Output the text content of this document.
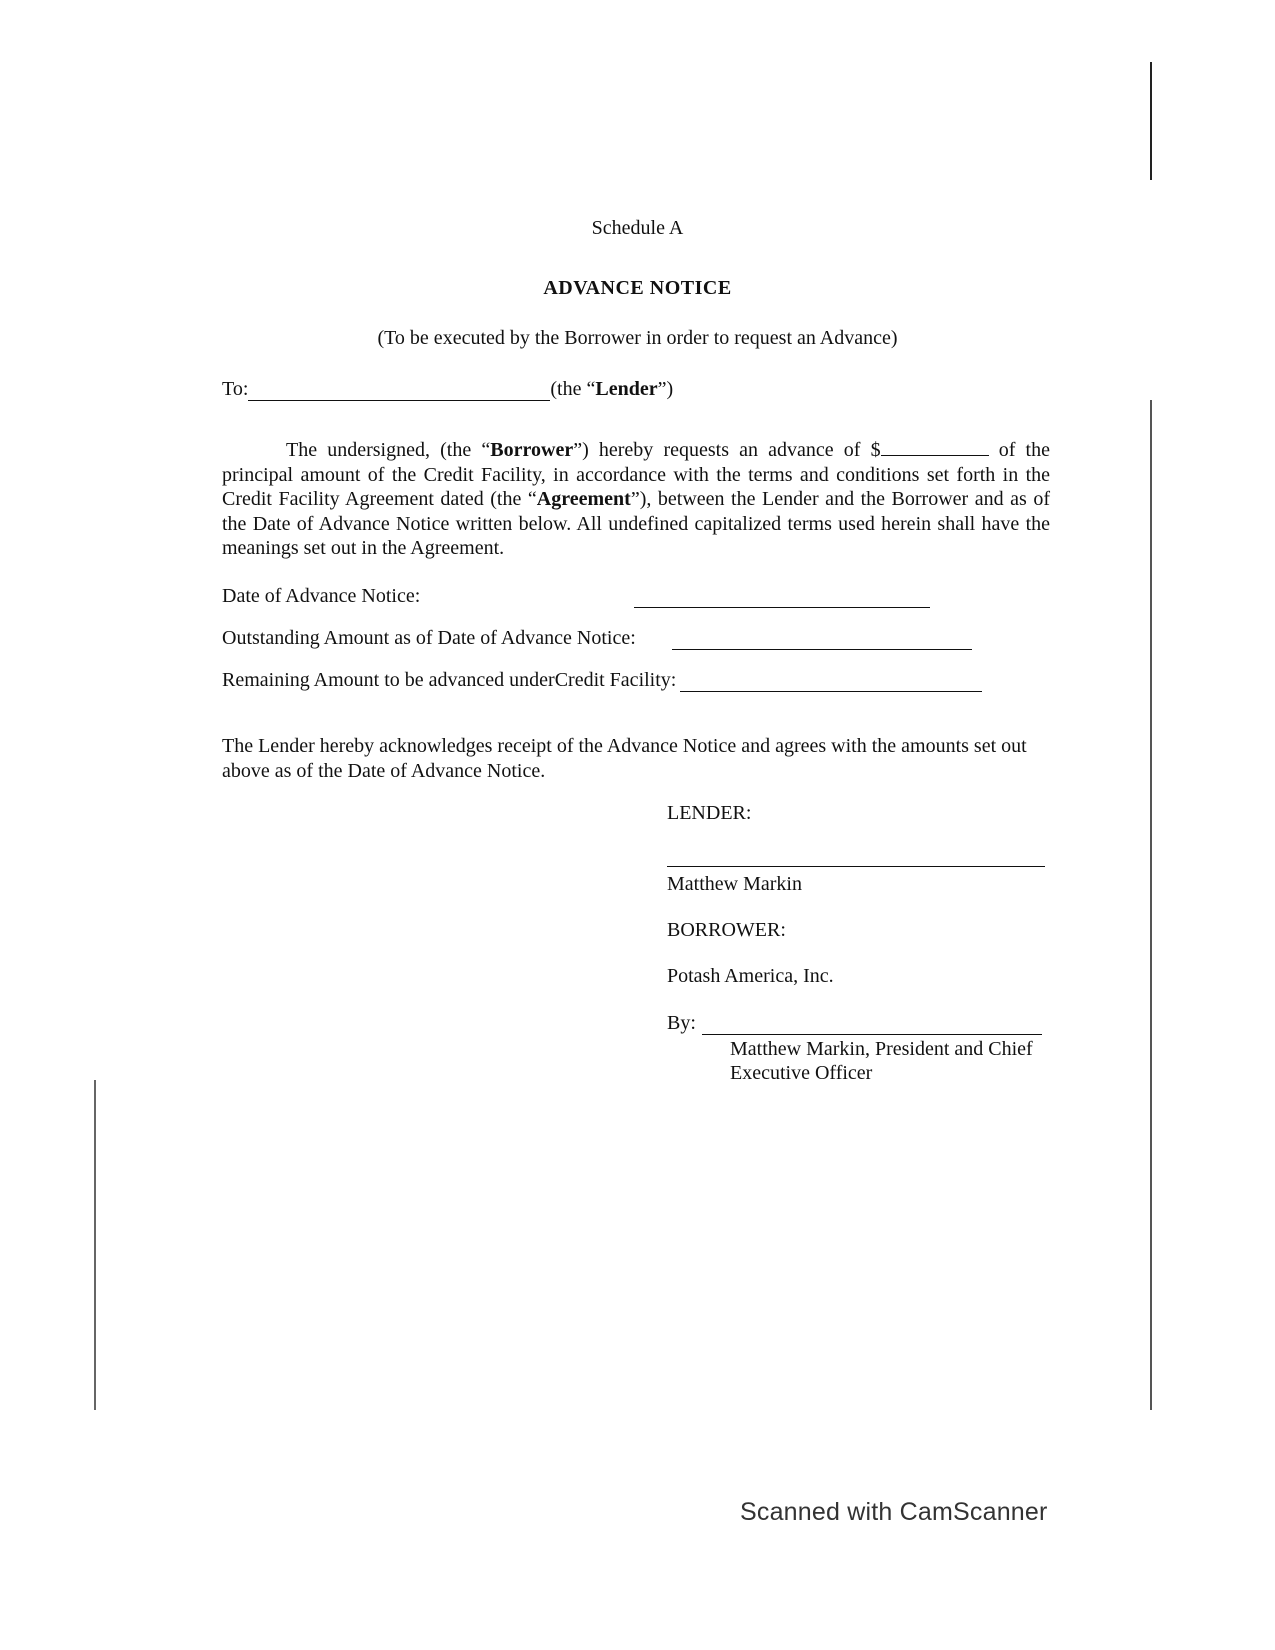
Schedule A
ADVANCE NOTICE
(To be executed by the Borrower in order to request an Advance)
To:	(the “ Lender ”)
The undersigned, (the “Borrower”) hereby requests an advance of $	of the principal amount of the Credit Facility, in accordance with the terms and conditions set forth in the Credit Facility Agreement dated (the “Agreement”), between the Lender and the Borrower and as of the Date of Advance Notice written below. All undefined capitalized terms used herein shall have the meanings set out in the Agreement.
Date of Advance Notice:
Outstanding Amount as of Date of Advance Notice:
Remaining Amount to be advanced underCredit Facility:
The Lender hereby acknowledges receipt of the Advance Notice and agrees with the amounts set out above as of the Date of Advance Notice.
LENDER:
Matthew Markin
BORROWER:
Potash America, Inc.
By:
Matthew Markin, President and Chief
Executive Officer
Scanned with CamScanner
